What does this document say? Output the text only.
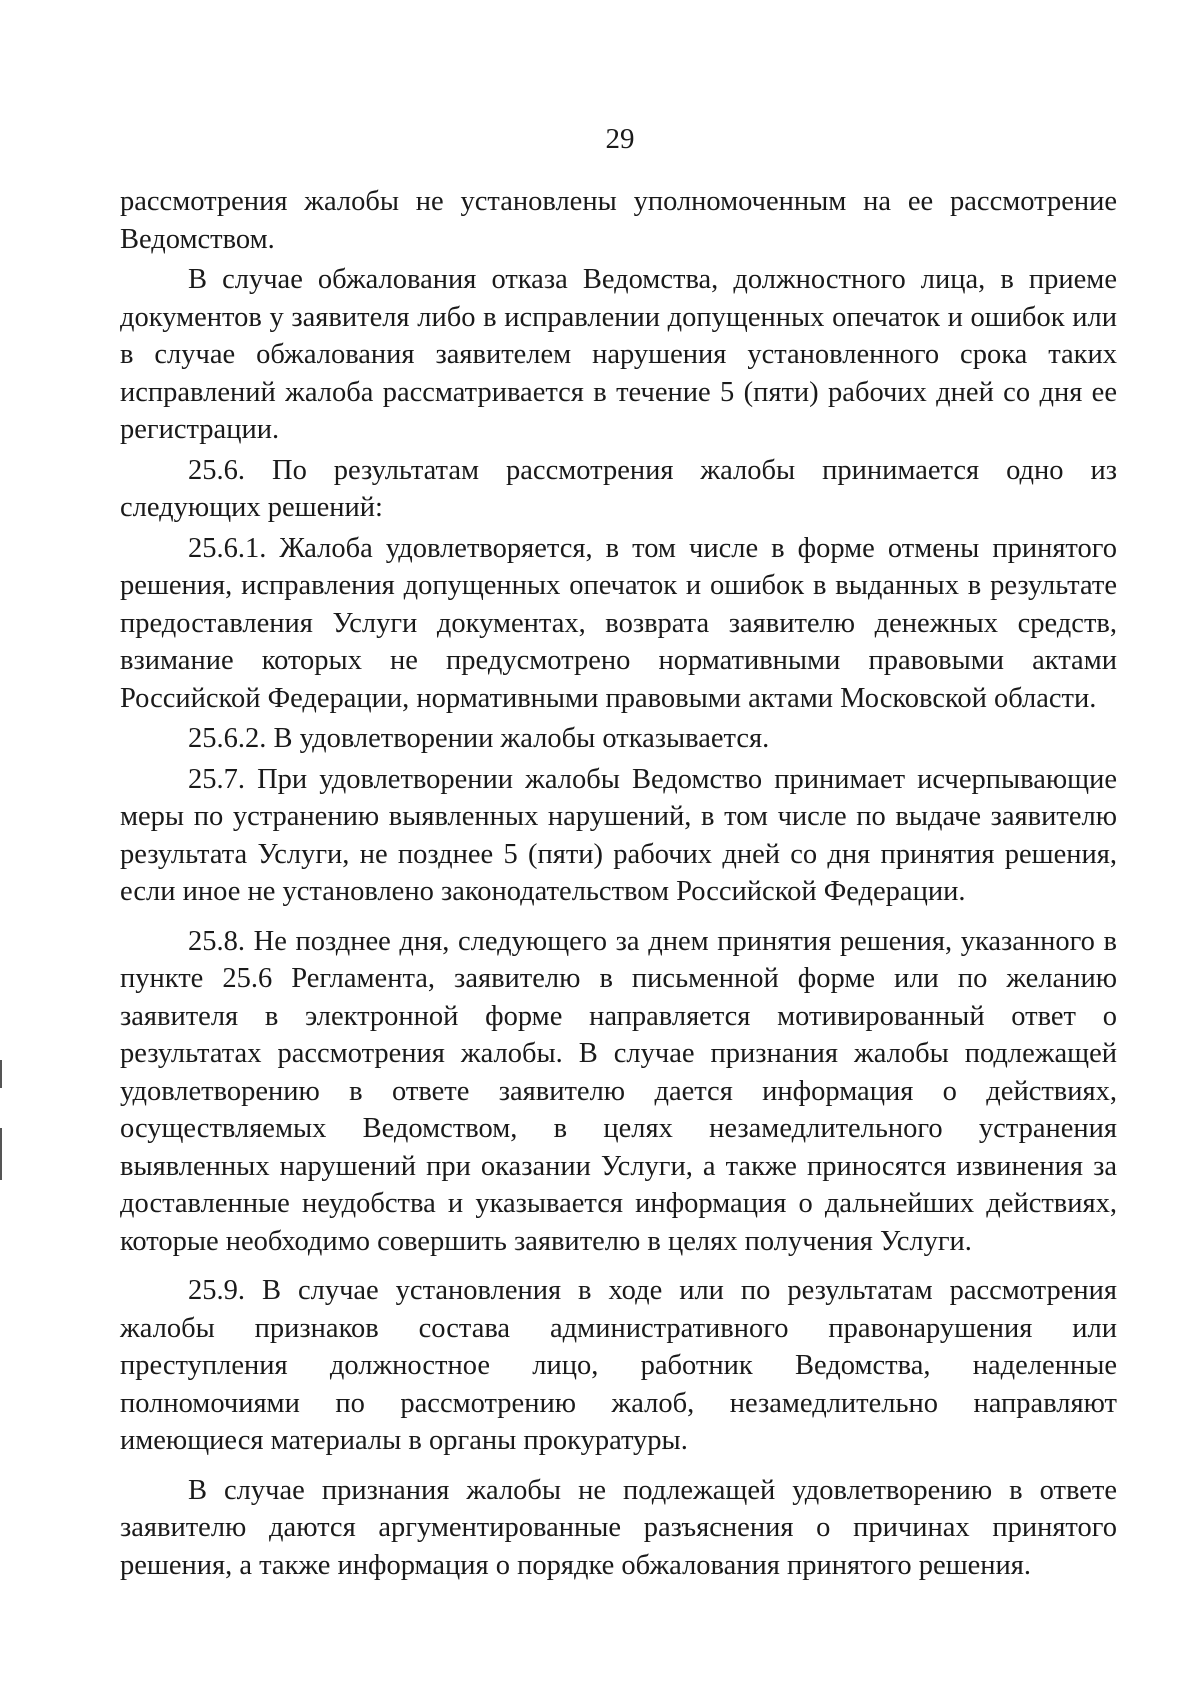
29

рассмотрения жалобы не установлены уполномоченным на ее рассмотрение Ведомством.

В случае обжалования отказа Ведомства, должностного лица, в приеме документов у заявителя либо в исправлении допущенных опечаток и ошибок или в случае обжалования заявителем нарушения установленного срока таких исправлений жалоба рассматривается в течение 5 (пяти) рабочих дней со дня ее регистрации.

25.6. По результатам рассмотрения жалобы принимается одно из следующих решений:

25.6.1. Жалоба удовлетворяется, в том числе в форме отмены принятого решения, исправления допущенных опечаток и ошибок в выданных в результате предоставления Услуги документах, возврата заявителю денежных средств, взимание которых не предусмотрено нормативными правовыми актами Российской Федерации, нормативными правовыми актами Московской области.

25.6.2. В удовлетворении жалобы отказывается.

25.7. При удовлетворении жалобы Ведомство принимает исчерпывающие меры по устранению выявленных нарушений, в том числе по выдаче заявителю результата Услуги, не позднее 5 (пяти) рабочих дней со дня принятия решения, если иное не установлено законодательством Российской Федерации.

25.8. Не позднее дня, следующего за днем принятия решения, указанного в пункте 25.6 Регламента, заявителю в письменной форме или по желанию заявителя в электронной форме направляется мотивированный ответ о результатах рассмотрения жалобы. В случае признания жалобы подлежащей удовлетворению в ответе заявителю дается информация о действиях, осуществляемых Ведомством, в целях незамедлительного устранения выявленных нарушений при оказании Услуги, а также приносятся извинения за доставленные неудобства и указывается информация о дальнейших действиях, которые необходимо совершить заявителю в целях получения Услуги.

25.9. В случае установления в ходе или по результатам рассмотрения жалобы признаков состава административного правонарушения или преступления должностное лицо, работник Ведомства, наделенные полномочиями по рассмотрению жалоб, незамедлительно направляют имеющиеся материалы в органы прокуратуры.

В случае признания жалобы не подлежащей удовлетворению в ответе заявителю даются аргументированные разъяснения о причинах принятого решения, а также информация о порядке обжалования принятого решения.
